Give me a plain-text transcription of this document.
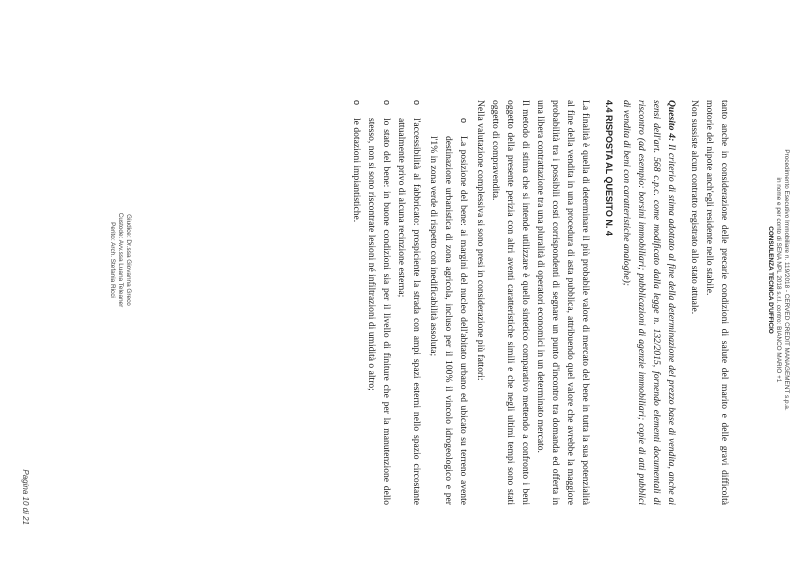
Procedimento Esecutivo Immobiliare n. 119/2018 - CERVED CREDIT MANAGEMENT s.p.a.
in nome e per conto di SENA NPL 2018 s.r.l. contro: BIANCO MARIO +1
CONSULENZA TECNICA D'UFFICIO

tanto anche in considerazione delle precarie condizioni di salute del marito e delle gravi difficoltà motorie del nipote anch'egli residente nello stabile.

Non sussiste alcun contratto registrato allo stato attuale.

Quesito 4: Il criterio di stima adottato al fine della determinazione del prezzo base di vendita, anche ai sensi dell'art. 568 c.p.c. come modificato dalla legge n. 132/2015, fornendo elementi documentali di riscontro (ad esempio: borsini immobiliari; pubblicazioni di agenzie immobiliari; copie di atti pubblici di vendita di beni con caratteristiche analoghe);

4.4 RISPOSTA AL QUESITO N. 4

La finalità è quella di determinare il più probabile valore di mercato del bene in tutta la sua potenzialità al fine della vendita in una procedura di asta pubblica, attribuendo quel valore che avrebbe la maggiore probabilità tra i possibili costi corrispondenti di segnare un punto d'incontro tra domanda ed offerta in una libera contrattazione tra una pluralità di operatori economici in un determinato mercato.

Il metodo di stima che si intende utilizzare è quello sintetico comparativo mettendo a confronto i beni oggetto della presente perizia con altri aventi caratteristiche simili e che negli ultimi tempi sono stati oggetto di compravendita.

Nella valutazione complessiva si sono presi in considerazione più fattori:

o La posizione del bene: ai margini del nucleo dell'abitato urbano ed ubicato su terreno avente destinazione urbanistica di zona agricola, incluso per il 100% il vincolo idrogeologico e per l'1% in zona verde di rispetto con inedificabilità assoluta;
o l'accessibilità al fabbricato: prospiciente la strada con ampi spazi esterni nello spazio circostante attualmente privo di alcuna recinzione esterna;
o lo stato del bene: in buone condizioni sia per il livello di finiture che per la manutenzione dello stesso, non si sono riscontrate lesioni né infiltrazioni di umidità o altro;
o le dotazioni impiantistiche.
Giudice: Dr.ssa Giovanna Greco
Custode: Avv.ssa Luana Teleaner
Perito: Arch. Stefania Ricci
Pagina 10 di 21
